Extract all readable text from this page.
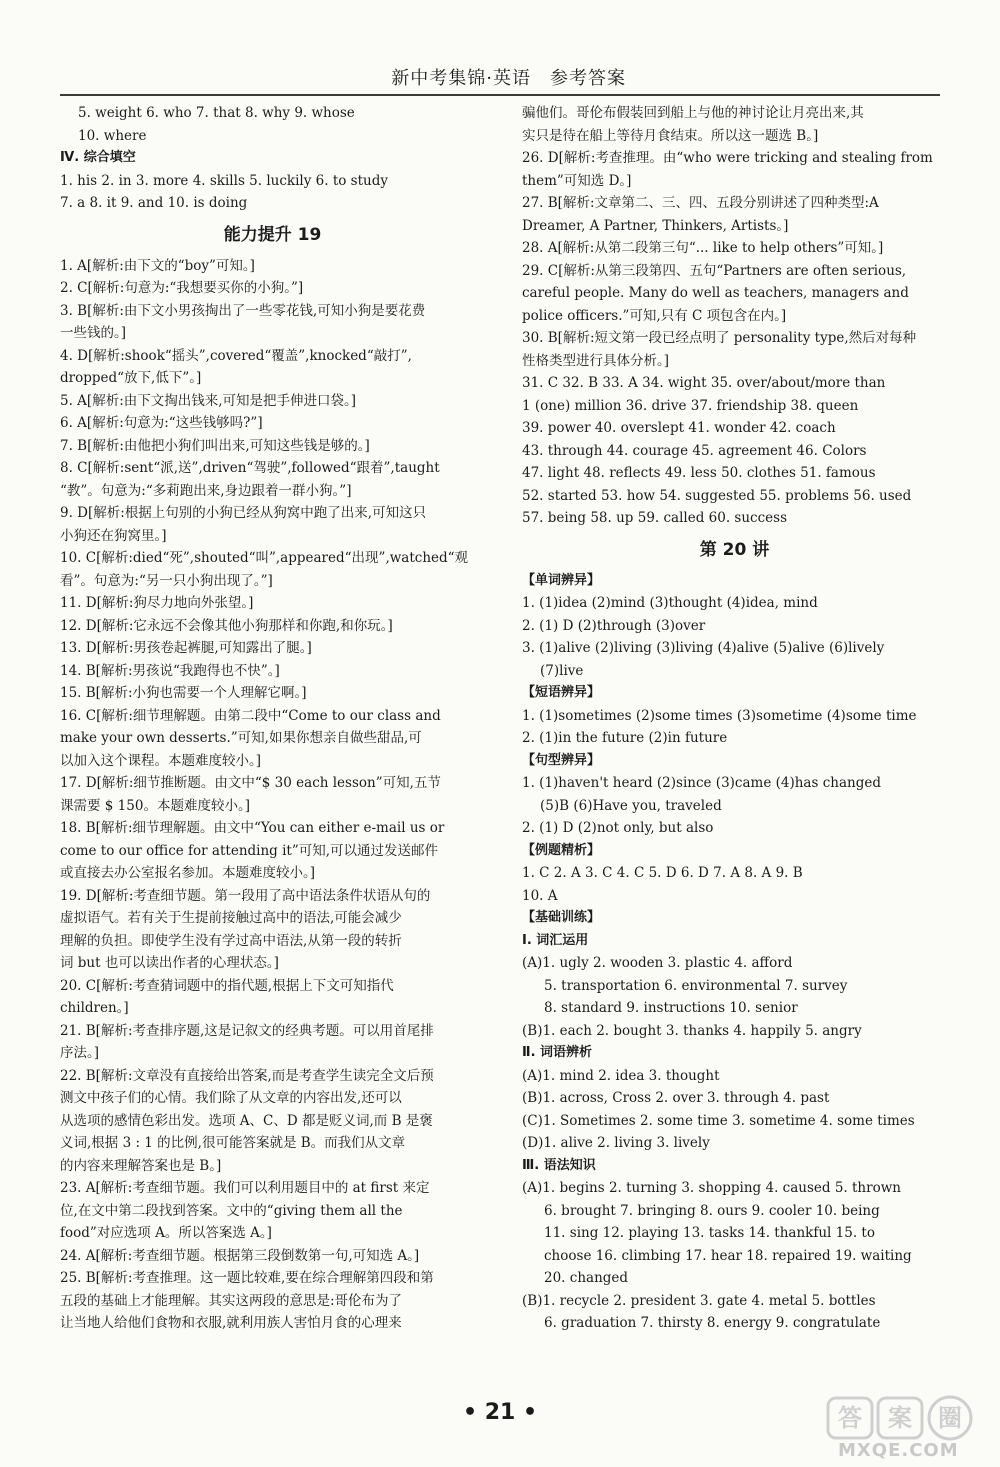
新中考集锦·英语　参考答案
5. weight 6. who 7. that 8. why 9. whose
10. where
Ⅳ. 综合填空
1. his 2. in 3. more 4. skills 5. luckily 6. to study
7. a 8. it 9. and 10. is doing
能力提升 19
1. A[解析:由下文的“boy”可知。]
2. C[解析:句意为:“我想要买你的小狗。”]
3. B[解析:由下文小男孩掏出了一些零花钱,可知小狗是要花费
一些钱的。]
4. D[解析:shook“摇头”,covered“覆盖”,knocked“敲打”,
dropped“放下,低下”。]
5. A[解析:由下文掏出钱来,可知是把手伸进口袋。]
6. A[解析:句意为:“这些钱够吗?”]
7. B[解析:由他把小狗们叫出来,可知这些钱是够的。]
8. C[解析:sent“派,送”,driven“驾驶”,followed“跟着”,taught
“教”。句意为:“多莉跑出来,身边跟着一群小狗。”]
9. D[解析:根据上句别的小狗已经从狗窝中跑了出来,可知这只
小狗还在狗窝里。]
10. C[解析:died“死”,shouted“叫”,appeared“出现”,watched“观
看”。句意为:“另一只小狗出现了。”]
11. D[解析:狗尽力地向外张望。]
12. D[解析:它永远不会像其他小狗那样和你跑,和你玩。]
13. D[解析:男孩卷起裤腿,可知露出了腿。]
14. B[解析:男孩说“我跑得也不快”。]
15. B[解析:小狗也需要一个人理解它啊。]
16. C[解析:细节理解题。由第二段中“Come to our class and
make your own desserts.”可知,如果你想亲自做些甜品,可
以加入这个课程。本题难度较小。]
17. D[解析:细节推断题。由文中“$ 30 each lesson”可知,五节
课需要 $ 150。本题难度较小。]
18. B[解析:细节理解题。由文中“You can either e-mail us or
come to our office for attending it”可知,可以通过发送邮件
或直接去办公室报名参加。本题难度较小。]
19. D[解析:考查细节题。第一段用了高中语法条件状语从句的
虚拟语气。若有关于生提前接触过高中的语法,可能会减少
理解的负担。即使学生没有学过高中语法,从第一段的转折
词 but 也可以读出作者的心理状态。]
20. C[解析:考查猜词题中的指代题,根据上下文可知指代
children。]
21. B[解析:考查排序题,这是记叙文的经典考题。可以用首尾排
序法。]
22. B[解析:文章没有直接给出答案,而是考查学生读完全文后预
测文中孩子们的心情。我们除了从文章的内容出发,还可以
从选项的感情色彩出发。选项 A、C、D 都是贬义词,而 B 是褒
义词,根据 3 : 1 的比例,很可能答案就是 B。而我们从文章
的内容来理解答案也是 B。]
23. A[解析:考查细节题。我们可以利用题目中的 at first 来定
位,在文中第二段找到答案。文中的“giving them all the
food”对应选项 A。所以答案选 A。]
24. A[解析:考查细节题。根据第三段倒数第一句,可知选 A。]
25. B[解析:考查推理。这一题比较难,要在综合理解第四段和第
五段的基础上才能理解。其实这两段的意思是:哥伦布为了
让当地人给他们食物和衣服,就利用族人害怕月食的心理来
骗他们。哥伦布假装回到船上与他的神讨论让月亮出来,其
实只是待在船上等待月食结束。所以这一题选 B。]
26. D[解析:考查推理。由“who were tricking and stealing from
them”可知选 D。]
27. B[解析:文章第二、三、四、五段分别讲述了四种类型:A
Dreamer, A Partner, Thinkers, Artists。]
28. A[解析:从第二段第三句“... like to help others”可知。]
29. C[解析:从第三段第四、五句“Partners are often serious,
careful people. Many do well as teachers, managers and
police officers.”可知,只有 C 项包含在内。]
30. B[解析:短文第一段已经点明了 personality type,然后对每种
性格类型进行具体分析。]
31. C 32. B 33. A 34. wight 35. over/about/more than
1 (one) million 36. drive 37. friendship 38. queen
39. power 40. overslept 41. wonder 42. coach
43. through 44. courage 45. agreement 46. Colors
47. light 48. reflects 49. less 50. clothes 51. famous
52. started 53. how 54. suggested 55. problems 56. used
57. being 58. up 59. called 60. success
第 20 讲
【单词辨异】
1. (1)idea (2)mind (3)thought (4)idea, mind
2. (1) D (2)through (3)over
3. (1)alive (2)living (3)living (4)alive (5)alive (6)lively
(7)live
【短语辨异】
1. (1)sometimes (2)some times (3)sometime (4)some time
2. (1)in the future (2)in future
【句型辨异】
1. (1)haven't heard (2)since (3)came (4)has changed
(5)B (6)Have you, traveled
2. (1) D (2)not only, but also
【例题精析】
1. C 2. A 3. C 4. C 5. D 6. D 7. A 8. A 9. B
10. A
【基础训练】
Ⅰ. 词汇运用
(A)1. ugly 2. wooden 3. plastic 4. afford
5. transportation 6. environmental 7. survey
8. standard 9. instructions 10. senior
(B)1. each 2. bought 3. thanks 4. happily 5. angry
Ⅱ. 词语辨析
(A)1. mind 2. idea 3. thought
(B)1. across, Cross 2. over 3. through 4. past
(C)1. Sometimes 2. some time 3. sometime 4. some times
(D)1. alive 2. living 3. lively
Ⅲ. 语法知识
(A)1. begins 2. turning 3. shopping 4. caused 5. thrown
6. brought 7. bringing 8. ours 9. cooler 10. being
11. sing 12. playing 13. tasks 14. thankful 15. to
choose 16. climbing 17. hear 18. repaired 19. waiting
20. changed
(B)1. recycle 2. president 3. gate 4. metal 5. bottles
6. graduation 7. thirsty 8. energy 9. congratulate
• 21 •	答 案 圈
MXQE.COM
